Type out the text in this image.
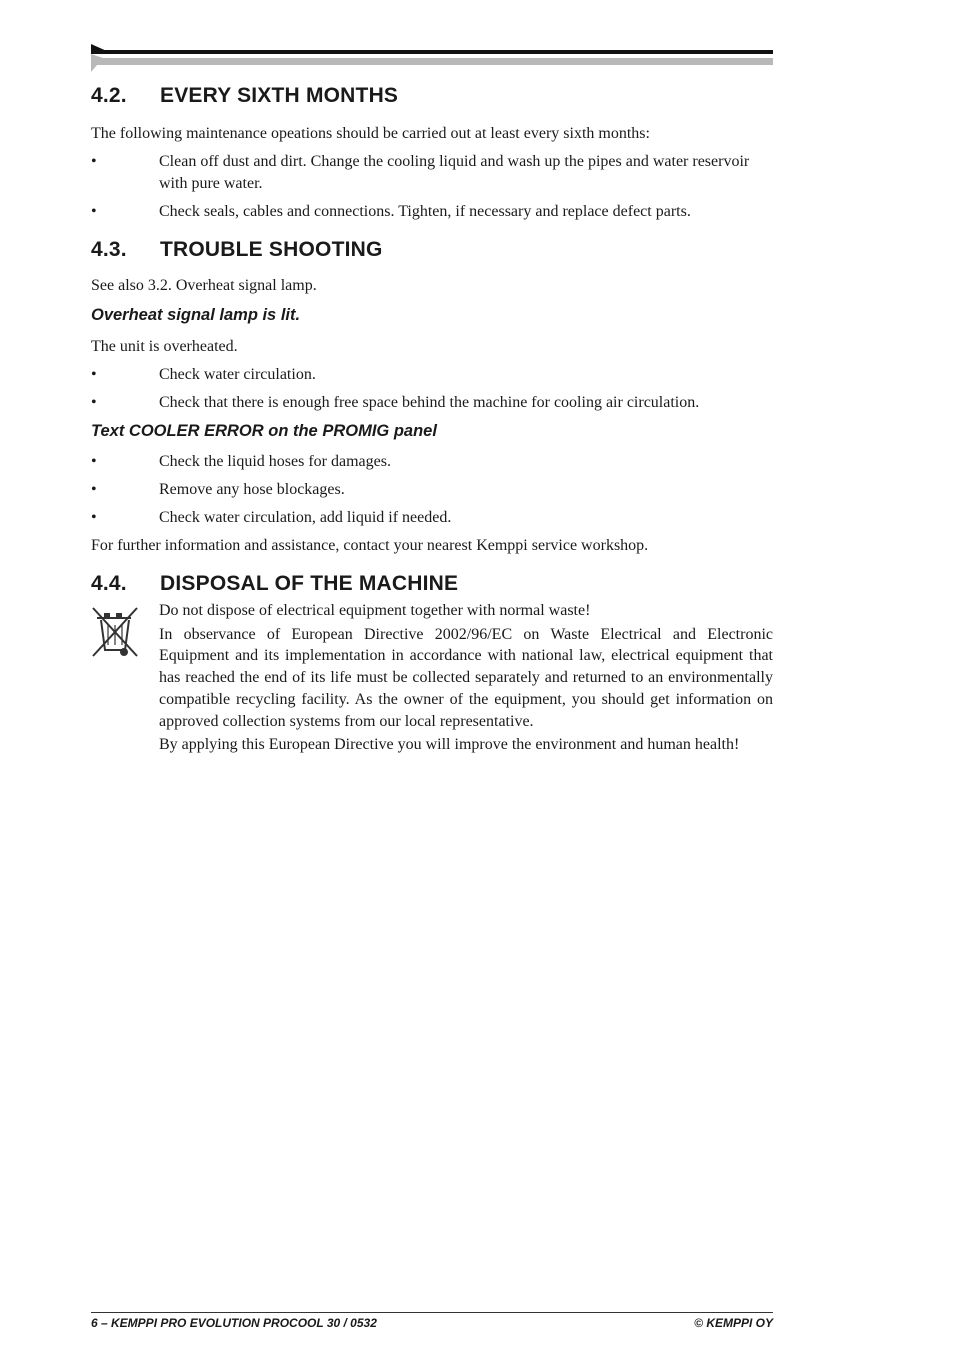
4.2.	EVERY SIXTH MONTHS

The following maintenance opeations should be carried out at least every sixth months:

•	Clean off dust and dirt. Change the cooling liquid and wash up the pipes and water reservoir with pure water.
•	Check seals, cables and connections. Tighten, if necessary and replace defect parts.
4.3.	TROUBLE SHOOTING

See also 3.2. Overheat signal lamp.

Overheat signal lamp is lit.

The unit is overheated.

•	Check water circulation.
•	Check that there is enough free space behind the machine for cooling air circulation.
Text COOLER ERROR on the PROMIG panel
•	Check the liquid hoses for damages.
•	Remove any hose blockages.
•	Check water circulation, add liquid if needed.

For further information and assistance, contact your nearest Kemppi service workshop.

4.4.	DISPOSAL OF THE MACHINE

Do not dispose of electrical equipment together with normal waste!

In observance of European Directive 2002/96/EC on Waste Electrical and Electronic Equipment and its implementation in accordance with national law, electrical equipment that has reached the end of its life must be collected separately and returned to an environmentally compatible recycling facility. As the owner of the equipment, you should get information on approved collection systems from our local representative.

By applying this European Directive you will improve the environment and human health!

6 – KEMPPI PRO EVOLUTION PROCOOL 30 / 0532	© KEMPPI OY
